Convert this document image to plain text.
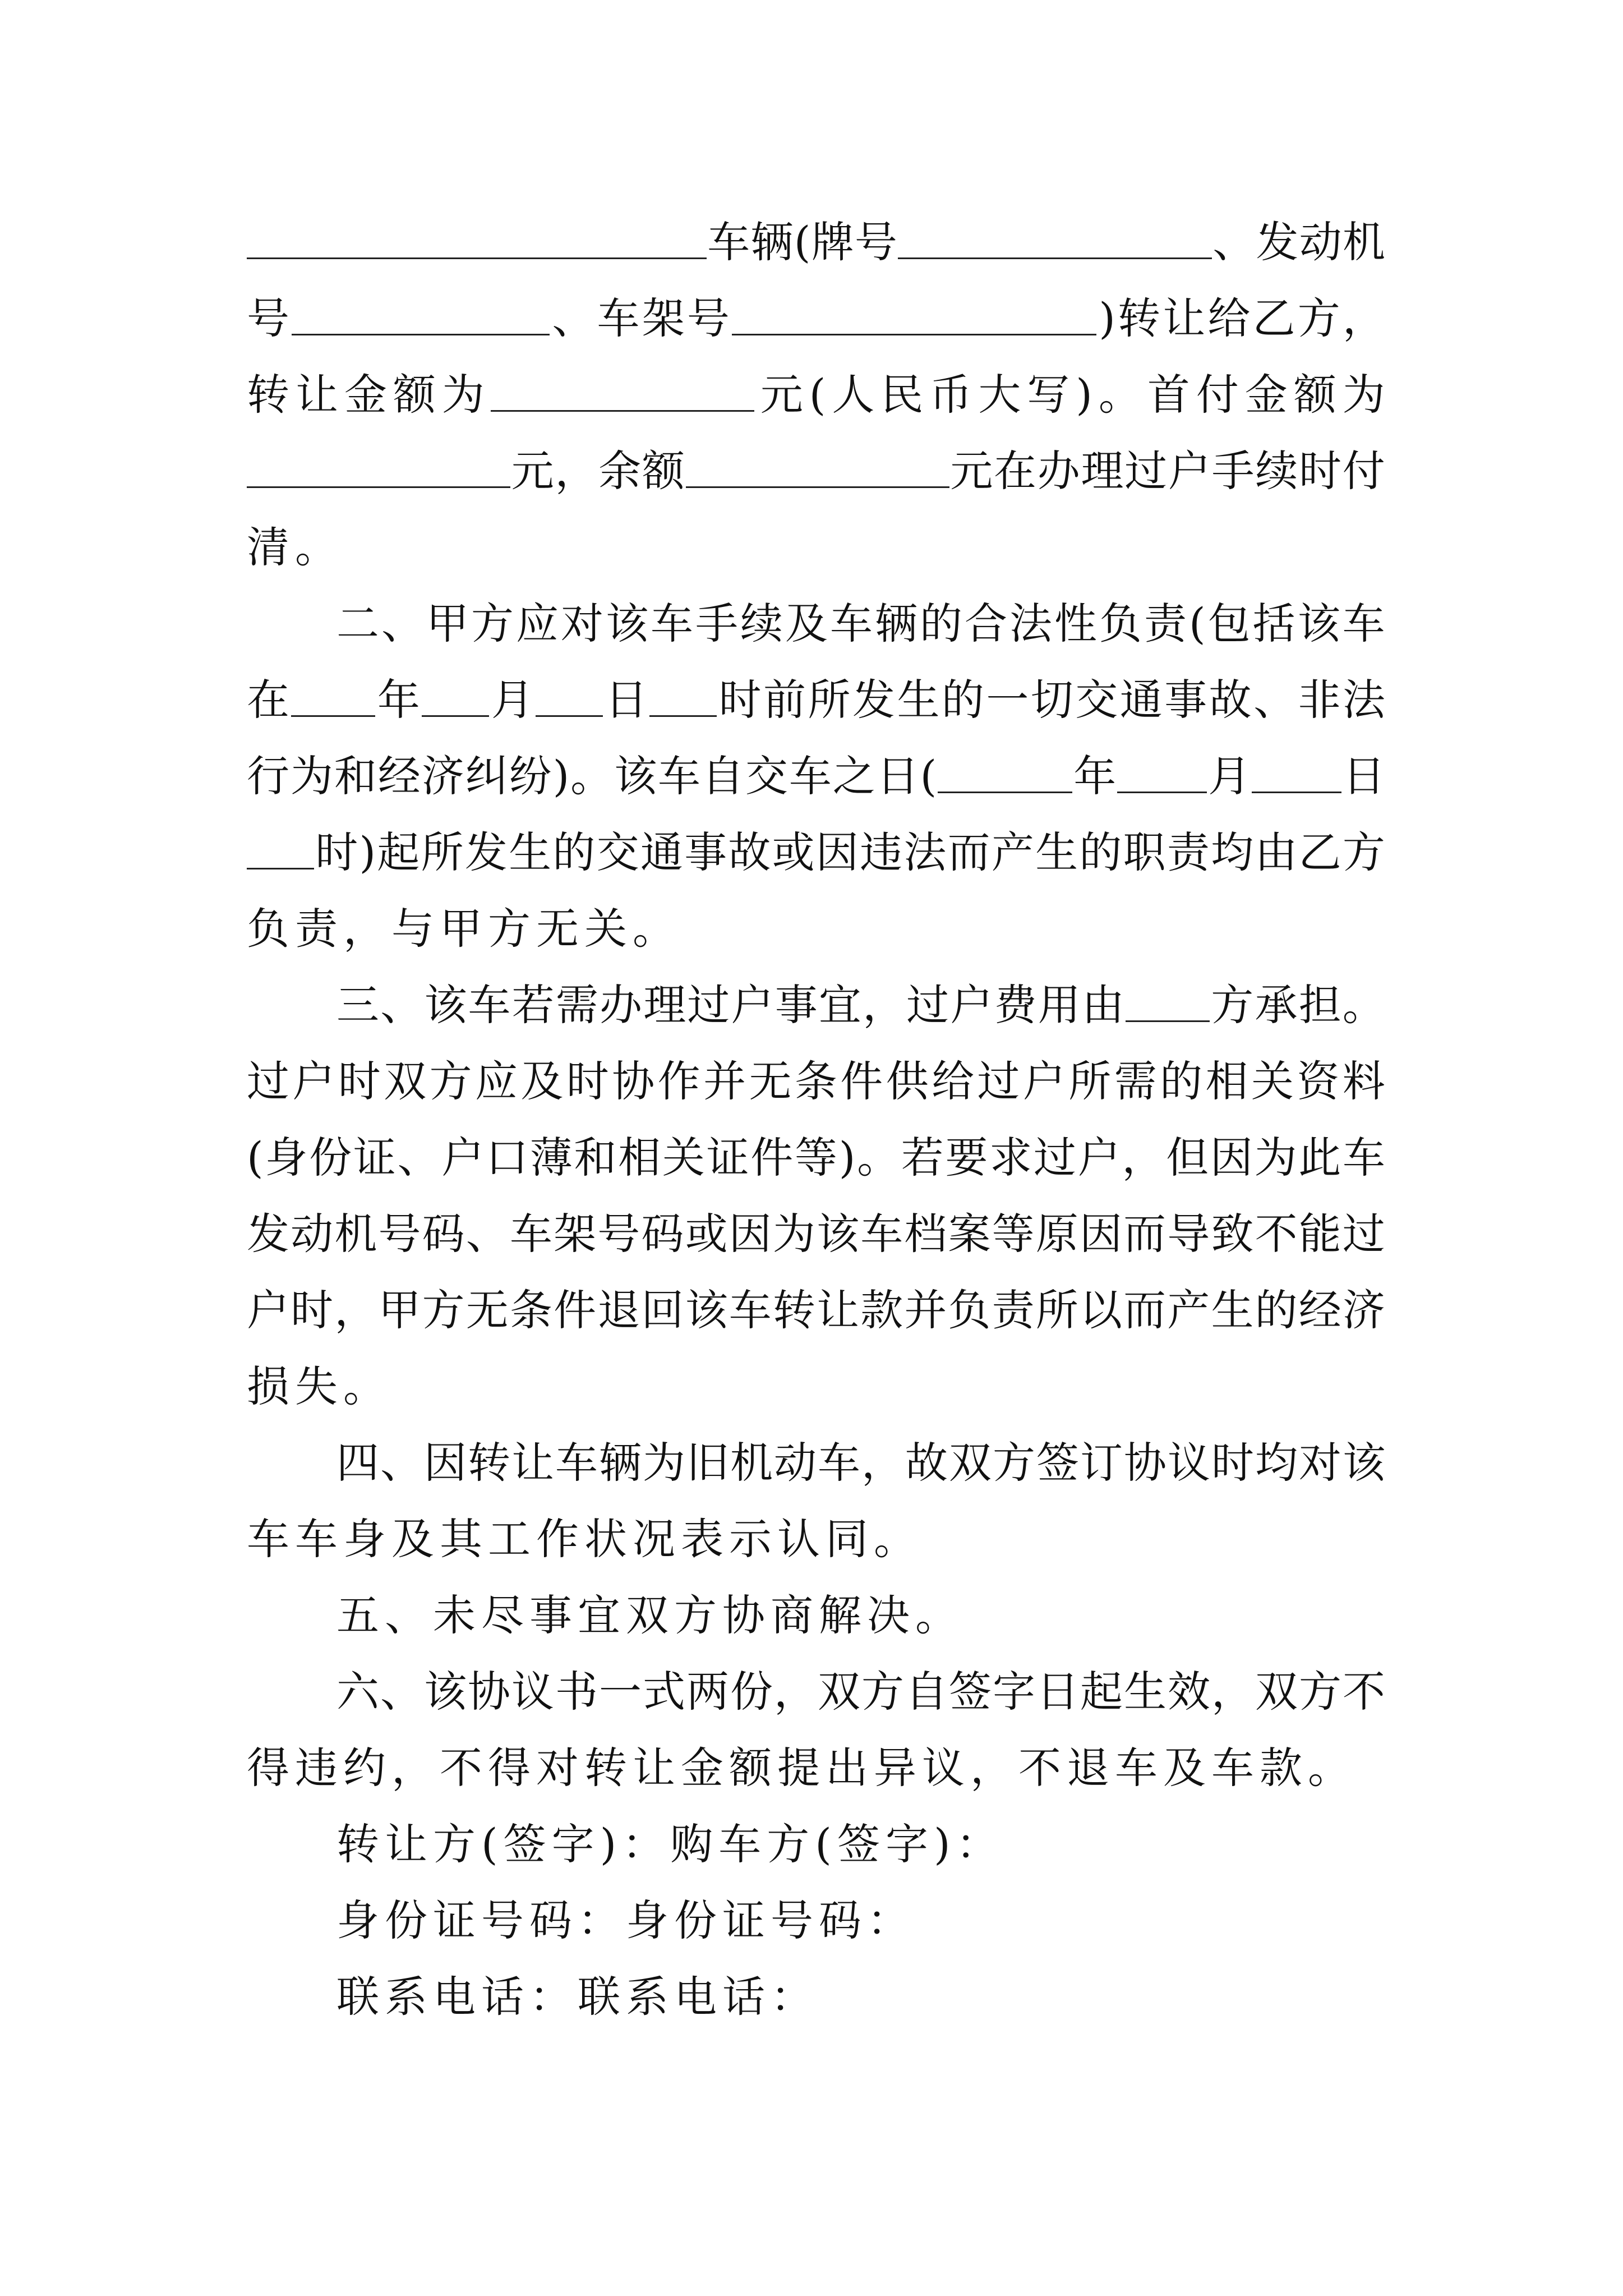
车 辆 ( 牌 号	、 发 动 机
号	、 车 架 号	) 转 让 给 乙 方 ，
转 让 金 额 为	元 ( 人 民 币 大 写 ) 。 首 付 金 额 为
元 ， 余 额	元 在 办 理 过 户 手 续 时 付
清。
二 、 甲 方 应 对 该 车 手 续 及 车 辆 的 合 法 性 负 责 ( 包 括 该 车
在 年 月 日 时 前 所 发 生 的 一 切 交 通 事 故 、 非 法
行 为 和 经 济 纠 纷 ) 。 该 车 自 交 车 之 日 (	年 月 日
时 ) 起 所 发 生 的 交 通 事 故 或 因 违 法 而 产 生 的 职 责 均 由 乙 方
负责，与甲方无关。
三 、 该 车 若 需 办 理 过 户 事 宜 ， 过 户 费 用 由 方 承 担 。
过 户 时 双 方 应 及 时 协 作 并 无 条 件 供 给 过 户 所 需 的 相 关 资 料
( 身 份 证 、 户 口 薄 和 相 关 证 件 等 ) 。 若 要 求 过 户 ， 但 因 为 此 车
发 动 机 号 码 、 车 架 号 码 或 因 为 该 车 档 案 等 原 因 而 导 致 不 能 过
户 时 ， 甲 方 无 条 件 退 回 该 车 转 让 款 并 负 责 所 以 而 产 生 的 经 济
损失。
四 、 因 转 让 车 辆 为 旧 机 动 车 ， 故 双 方 签 订 协 议 时 均 对 该
车车身及其工作状况表示认同。
五、未尽事宜双方协商解决。
六 、 该 协 议 书 一 式 两 份 ， 双 方 自 签 字 日 起 生 效 ， 双 方 不
得违约，不得对转让金额提出异议，不退车及车款。
转让方(签字)：购车方(签字)：
身份证号码：身份证号码：
联系电话：联系电话：
